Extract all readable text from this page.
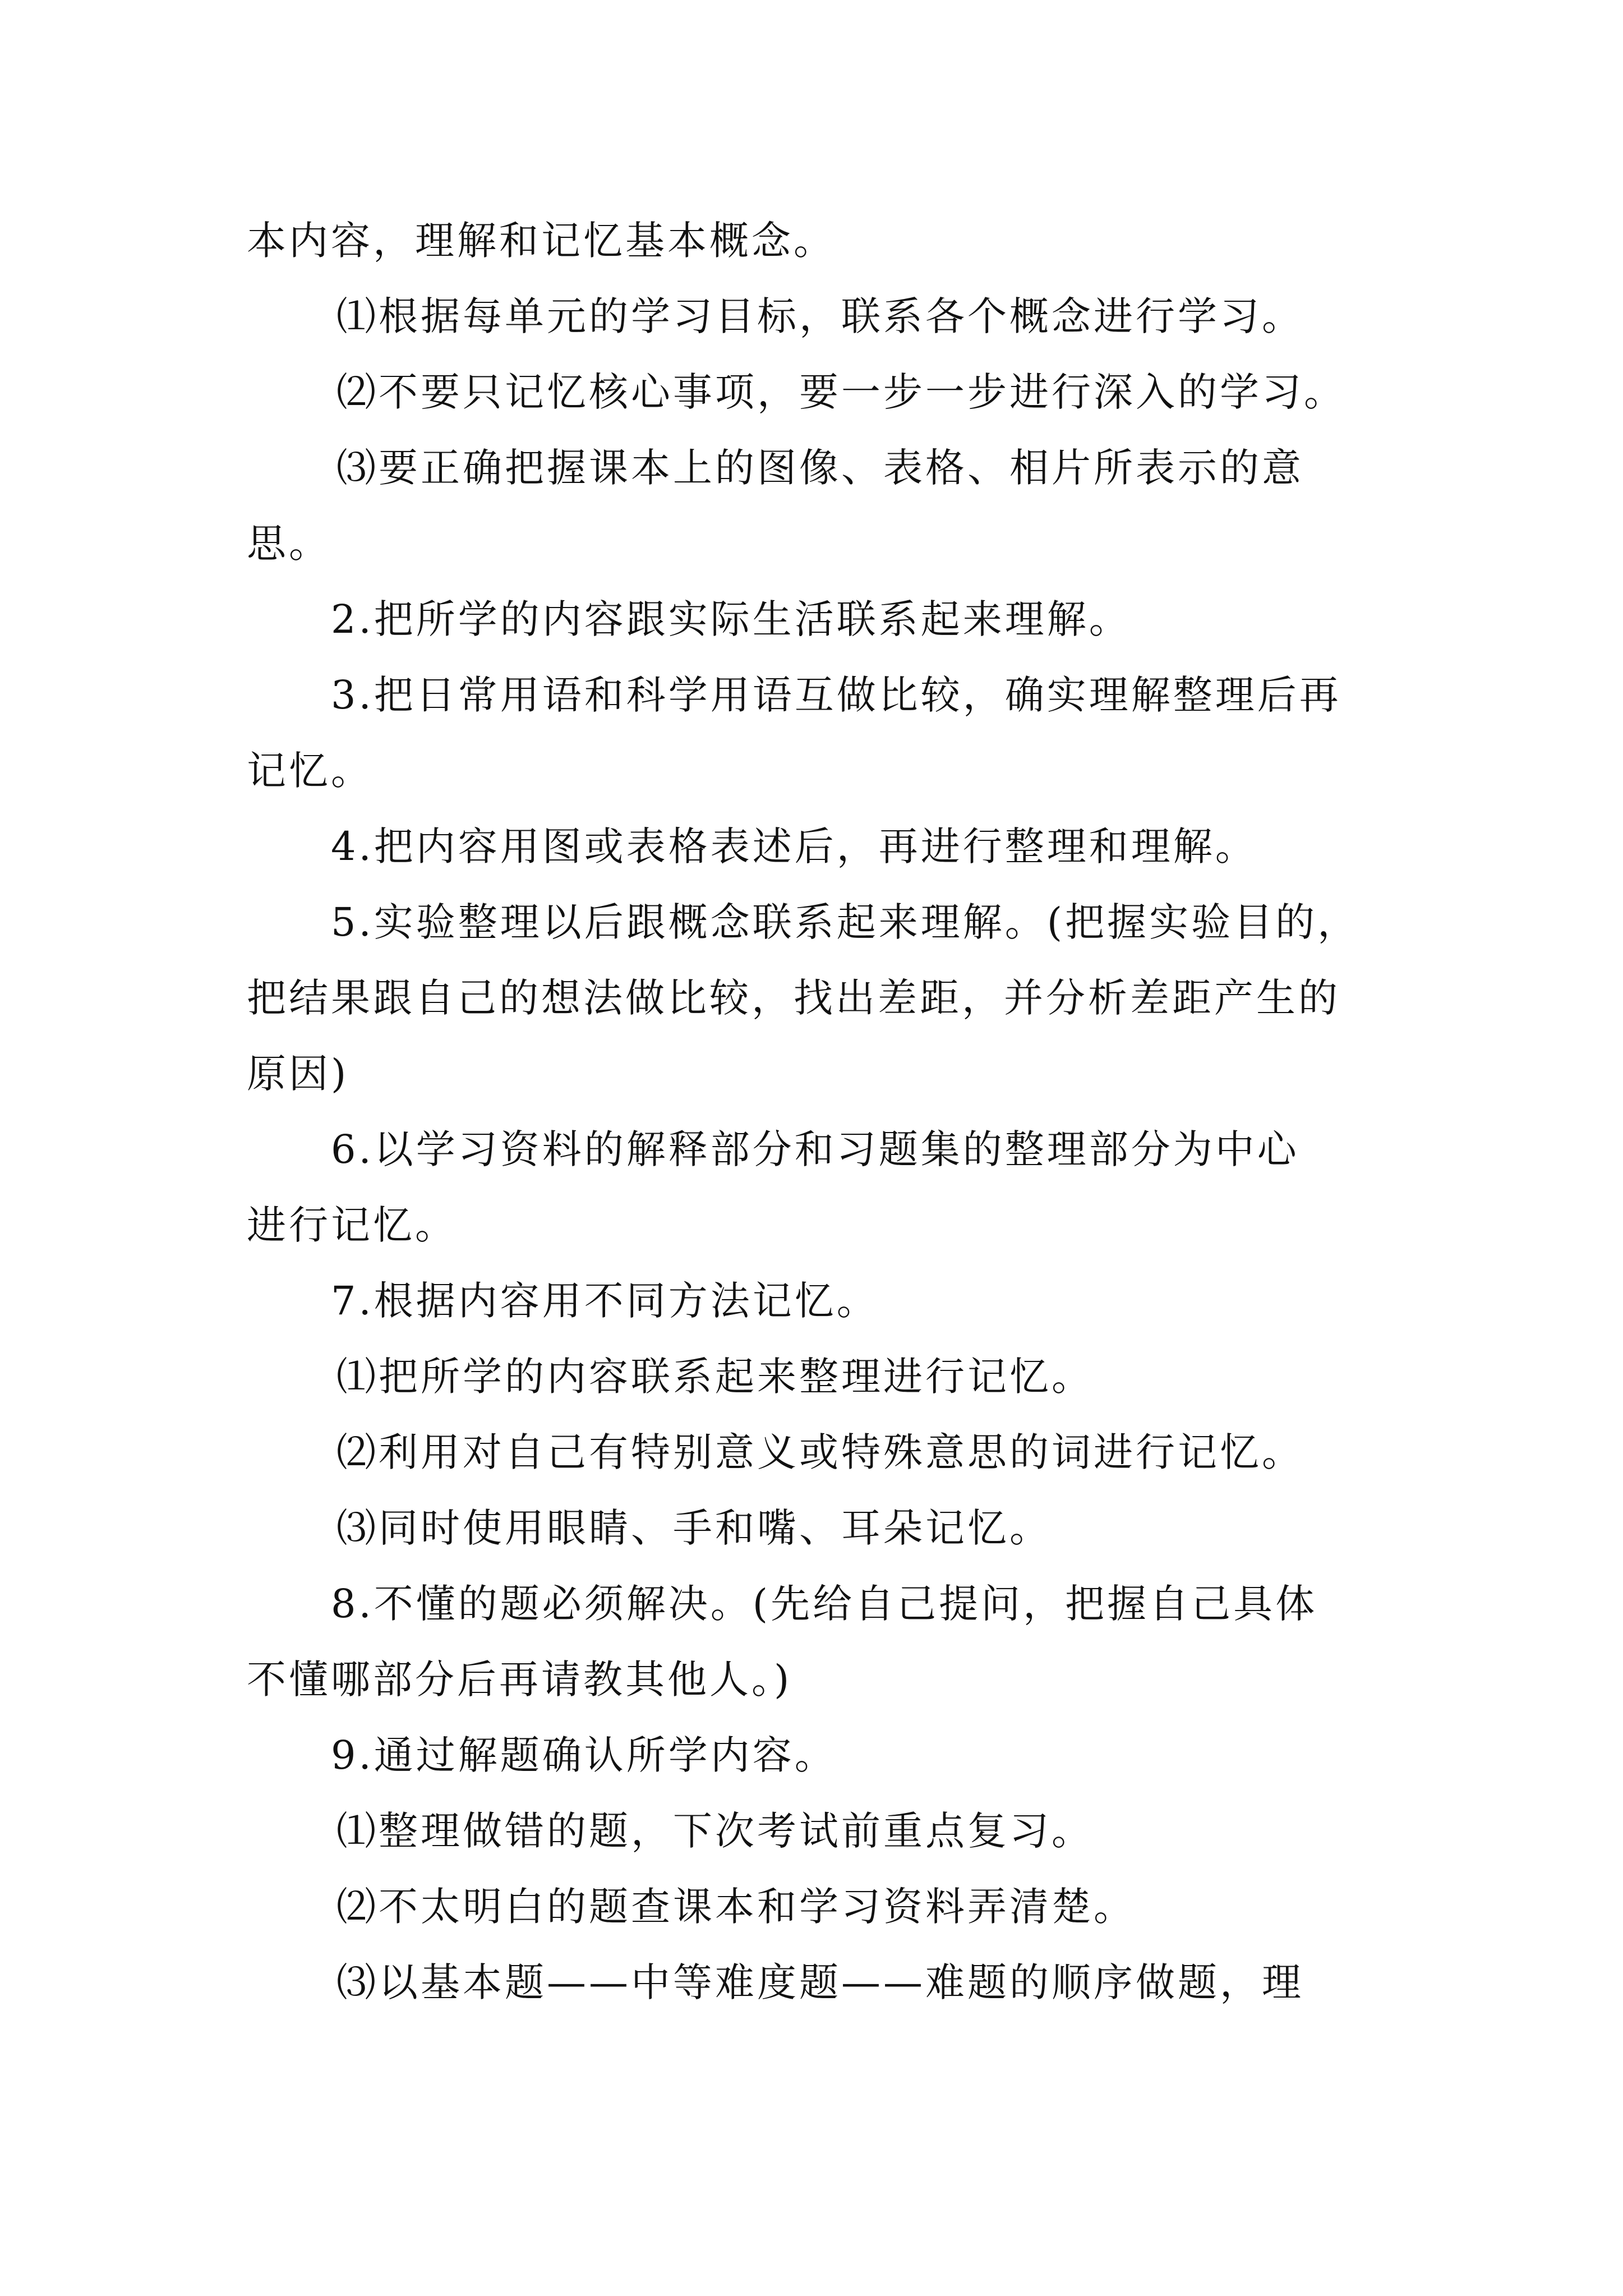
本内容，理解和记忆基本概念。
⑴根据每单元的学习目标，联系各个概念进行学习。
⑵不要只记忆核心事项，要一步一步进行深入的学习。
⑶要正确把握课本上的图像、表格、相片所表示的意
思。
2.把所学的内容跟实际生活联系起来理解。
3.把日常用语和科学用语互做比较，确实理解整理后再
记忆。
4.把内容用图或表格表述后，再进行整理和理解。
5.实验整理以后跟概念联系起来理解。(把握实验目的，
把结果跟自己的想法做比较，找出差距，并分析差距产生的
原因)
6.以学习资料的解释部分和习题集的整理部分为中心
进行记忆。
7.根据内容用不同方法记忆。
⑴把所学的内容联系起来整理进行记忆。
⑵利用对自己有特别意义或特殊意思的词进行记忆。
⑶同时使用眼睛、手和嘴、耳朵记忆。
8.不懂的题必须解决。(先给自己提问，把握自己具体
不懂哪部分后再请教其他人。)
9.通过解题确认所学内容。
⑴整理做错的题，下次考试前重点复习。
⑵不太明白的题查课本和学习资料弄清楚。
⑶以基本题——中等难度题——难题的顺序做题，理
